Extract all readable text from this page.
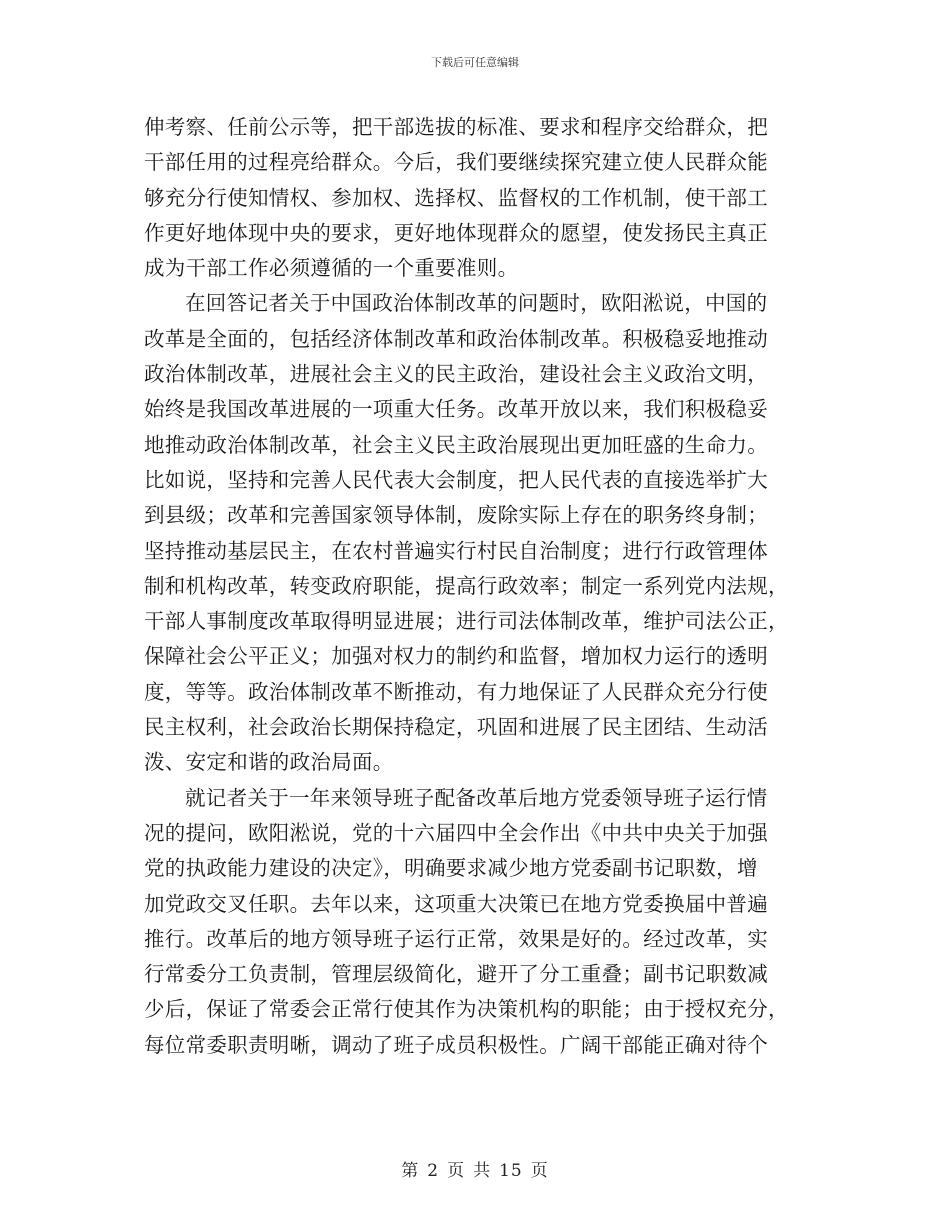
下载后可任意编辑
伸考察、任前公示等，把干部选拔的标准、要求和程序交给群众，把
干部任用的过程亮给群众。今后，我们要继续探究建立使人民群众能
够充分行使知情权、参加权、选择权、监督权的工作机制，使干部工
作更好地体现中央的要求，更好地体现群众的愿望，使发扬民主真正
成为干部工作必须遵循的一个重要准则。
在回答记者关于中国政治体制改革的问题时，欧阳淞说，中国的
改革是全面的，包括经济体制改革和政治体制改革。积极稳妥地推动
政治体制改革，进展社会主义的民主政治，建设社会主义政治文明，
始终是我国改革进展的一项重大任务。改革开放以来，我们积极稳妥
地推动政治体制改革，社会主义民主政治展现出更加旺盛的生命力。
比如说，坚持和完善人民代表大会制度，把人民代表的直接选举扩大
到县级；改革和完善国家领导体制，废除实际上存在的职务终身制；
坚持推动基层民主，在农村普遍实行村民自治制度；进行行政管理体
制和机构改革，转变政府职能，提高行政效率；制定一系列党内法规，
干部人事制度改革取得明显进展；进行司法体制改革，维护司法公正，
保障社会公平正义；加强对权力的制约和监督，增加权力运行的透明
度，等等。政治体制改革不断推动，有力地保证了人民群众充分行使
民主权利，社会政治长期保持稳定，巩固和进展了民主团结、生动活
泼、安定和谐的政治局面。
就记者关于一年来领导班子配备改革后地方党委领导班子运行情
况的提问，欧阳淞说，党的十六届四中全会作出《中共中央关于加强
党的执政能力建设的决定》，明确要求减少地方党委副书记职数，增
加党政交叉任职。去年以来，这项重大决策已在地方党委换届中普遍
推行。改革后的地方领导班子运行正常，效果是好的。经过改革，实
行常委分工负责制，管理层级简化，避开了分工重叠；副书记职数减
少后，保证了常委会正常行使其作为决策机构的职能；由于授权充分，
每位常委职责明晰，调动了班子成员积极性。广阔干部能正确对待个
第 2 页 共 15 页
